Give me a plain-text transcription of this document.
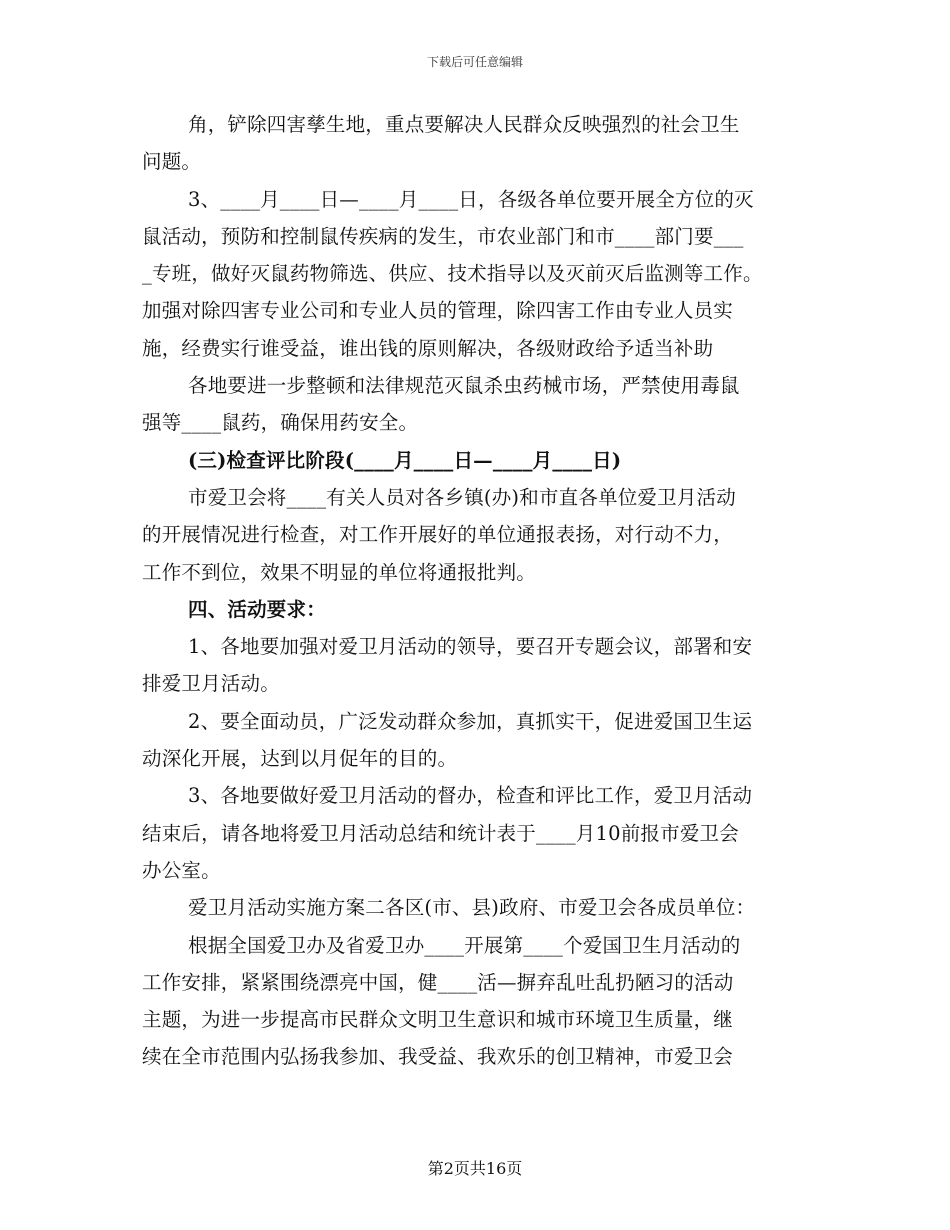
下载后可任意编辑
角，铲除四害孳生地，重点要解决人民群众反映强烈的社会卫生
问题。
3、____月____日—____月____日，各级各单位要开展全方位的灭
鼠活动，预防和控制鼠传疾病的发生，市农业部门和市____部门要___
_专班，做好灭鼠药物筛选、供应、技术指导以及灭前灭后监测等工作。
加强对除四害专业公司和专业人员的管理，除四害工作由专业人员实
施，经费实行谁受益，谁出钱的原则解决，各级财政给予适当补助
各地要进一步整顿和法律规范灭鼠杀虫药械市场，严禁使用毒鼠
强等____鼠药，确保用药安全。
(三)检查评比阶段(____月____日—____月____日)
市爱卫会将____有关人员对各乡镇(办)和市直各单位爱卫月活动
的开展情况进行检查，对工作开展好的单位通报表扬，对行动不力，
工作不到位，效果不明显的单位将通报批判。
四、活动要求：
1、各地要加强对爱卫月活动的领导，要召开专题会议，部署和安
排爱卫月活动。
2、要全面动员，广泛发动群众参加，真抓实干，促进爱国卫生运
动深化开展，达到以月促年的目的。
3、各地要做好爱卫月活动的督办，检查和评比工作，爱卫月活动
结束后，请各地将爱卫月活动总结和统计表于____月10前报市爱卫会
办公室。
爱卫月活动实施方案二各区(市、县)政府、市爱卫会各成员单位：
根据全国爱卫办及省爱卫办____开展第____个爱国卫生月活动的
工作安排，紧紧围绕漂亮中国，健____活—摒弃乱吐乱扔陋习的活动
主题，为进一步提高市民群众文明卫生意识和城市环境卫生质量，继
续在全市范围内弘扬我参加、我受益、我欢乐的创卫精神，市爱卫会
第2页共16页
